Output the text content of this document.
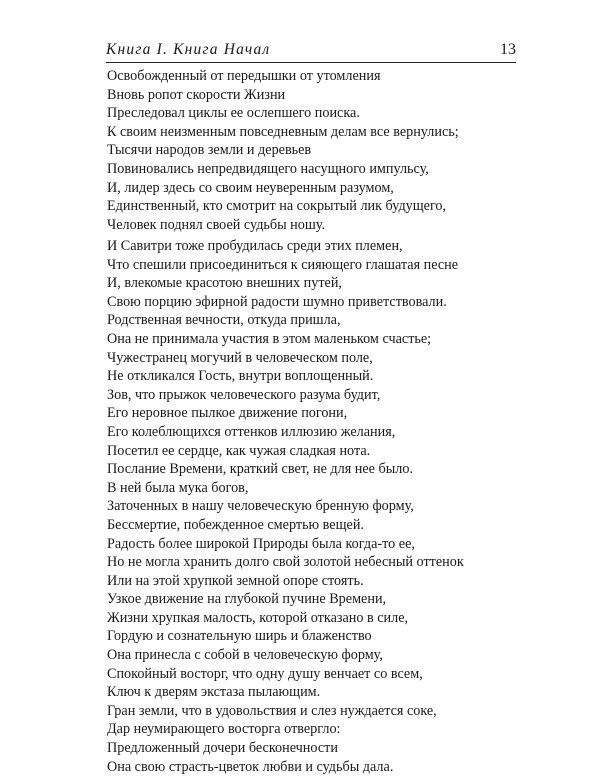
Книга I. Книга Начал	13
Освобожденный от передышки от утомления
Вновь ропот скорости Жизни
Преследовал циклы ее ослепшего поиска.
К своим неизменным повседневным делам все вернулись;
Тысячи народов земли и деревьев
Повиновались непредвидящего насущного импульсу,
И, лидер здесь со своим неуверенным разумом,
Единственный, кто смотрит на сокрытый лик будущего,
Человек поднял своей судьбы ношу.
И Савитри тоже пробудилась среди этих племен,
Что спешили присоединиться к сияющего глашатая песне
И, влекомые красотою внешних путей,
Свою порцию эфирной радости шумно приветствовали.
Родственная вечности, откуда пришла,
Она не принимала участия в этом маленьком счастье;
Чужестранец могучий в человеческом поле,
Не откликался Гость, внутри воплощенный.
Зов, что прыжок человеческого разума будит,
Его неровное пылкое движение погони,
Его колеблющихся оттенков иллюзию желания,
Посетил ее сердце, как чужая сладкая нота.
Послание Времени, краткий свет, не для нее было.
В ней была мука богов,
Заточенных в нашу человеческую бренную форму,
Бессмертие, побежденное смертью вещей.
Радость более широкой Природы была когда-то ее,
Но не могла хранить долго свой золотой небесный оттенок
Или на этой хрупкой земной опоре стоять.
Узкое движение на глубокой пучине Времени,
Жизни хрупкая малость, которой отказано в силе,
Гордую и сознательную ширь и блаженство
Она принесла с собой в человеческую форму,
Спокойный восторг, что одну душу венчает со всем,
Ключ к дверям экстаза пылающим.
Гран земли, что в удовольствия и слез нуждается соке,
Дар неумирающего восторга отвергло:
Предложенный дочери бесконечности
Она свою страсть-цветок любви и судьбы дала.
